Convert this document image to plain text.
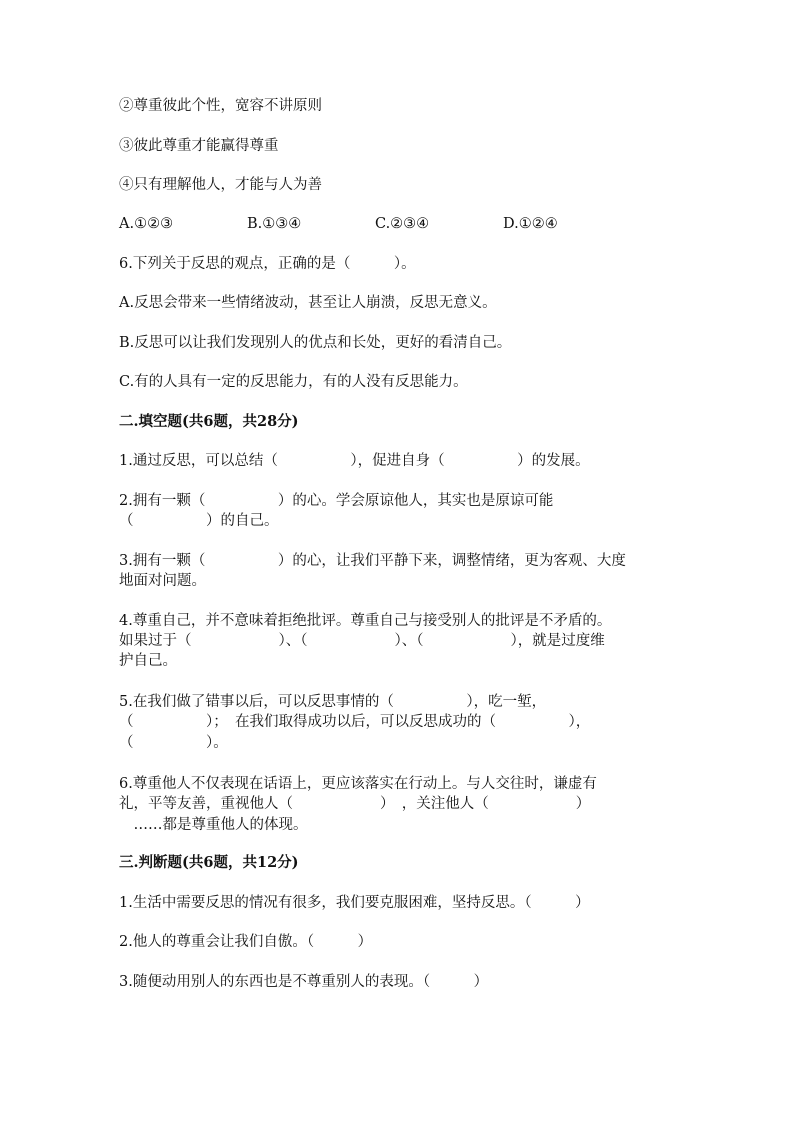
②尊重彼此个性，宽容不讲原则
③彼此尊重才能赢得尊重
④只有理解他人，才能与人为善

A.①②③

	B.①③④

	C.②③④

	D.①②④

6.下列关于反思的观点，正确的是（　　　）。
A.反思会带来一些情绪波动，甚至让人崩溃，反思无意义。
B.反思可以让我们发现别人的优点和长处，更好的看清自己。
C.有的人具有一定的反思能力，有的人没有反思能力。
二.填空题(共6题，共28分)
1.通过反思，可以总结（　　　　　），促进自身（　　　　　）的发展。
2.拥有一颗（　　　　　）的心。学会原谅他人，其实也是原谅可能
（　　　　　）的自己。
3.拥有一颗（　　　　　）的心，让我们平静下来，调整情绪，更为客观、大度
地面对问题。
4.尊重自己，并不意味着拒绝批评。尊重自己与接受别人的批评是不矛盾的。
如果过于（　　　　　　）、（　　　　　　）、（　　　　　　），就是过度维
护自己。
5.在我们做了错事以后，可以反思事情的（　　　　　），吃一堑，
（　　　　　）；　在我们取得成功以后，可以反思成功的（　　　　　），
（　　　　　）。
6.尊重他人不仅表现在话语上，更应该落实在行动上。与人交往时，谦虚有
礼，平等友善，重视他人（　　　　　　）　，关注他人（　　　　　　）
　……都是尊重他人的体现。
三.判断题(共6题，共12分)
1.生活中需要反思的情况有很多，我们要克服困难，坚持反思。（　　　）
2.他人的尊重会让我们自傲。（　　　）
3.随便动用别人的东西也是不尊重别人的表现。（　　　）
